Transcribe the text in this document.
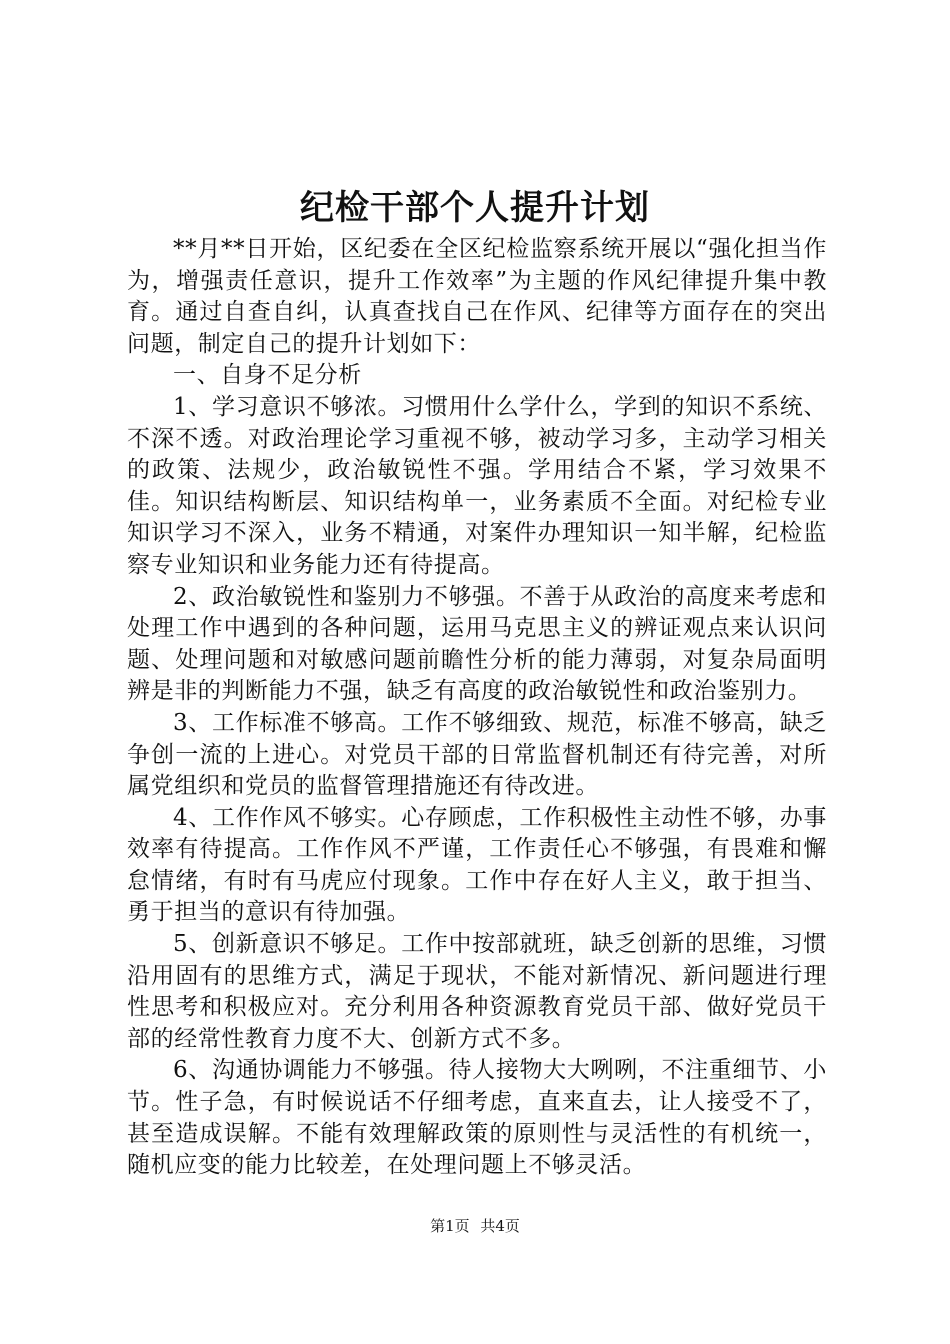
纪检干部个人提升计划

**月**日开始，区纪委在全区纪检监察系统开展以“强化担当作为，增强责任意识，提升工作效率”为主题的作风纪律提升集中教育。通过自查自纠，认真查找自己在作风、纪律等方面存在的突出问题，制定自己的提升计划如下：

一、自身不足分析

1、学习意识不够浓。习惯用什么学什么，学到的知识不系统、不深不透。对政治理论学习重视不够，被动学习多，主动学习相关的政策、法规少，政治敏锐性不强。学用结合不紧，学习效果不佳。知识结构断层、知识结构单一，业务素质不全面。对纪检专业知识学习不深入，业务不精通，对案件办理知识一知半解，纪检监察专业知识和业务能力还有待提高。

2、政治敏锐性和鉴别力不够强。不善于从政治的高度来考虑和处理工作中遇到的各种问题，运用马克思主义的辨证观点来认识问题、处理问题和对敏感问题前瞻性分析的能力薄弱，对复杂局面明辨是非的判断能力不强，缺乏有高度的政治敏锐性和政治鉴别力。

3、工作标准不够高。工作不够细致、规范，标准不够高，缺乏争创一流的上进心。对党员干部的日常监督机制还有待完善，对所属党组织和党员的监督管理措施还有待改进。

4、工作作风不够实。心存顾虑，工作积极性主动性不够，办事效率有待提高。工作作风不严谨，工作责任心不够强，有畏难和懈怠情绪，有时有马虎应付现象。工作中存在好人主义，敢于担当、勇于担当的意识有待加强。

5、创新意识不够足。工作中按部就班，缺乏创新的思维，习惯沿用固有的思维方式，满足于现状，不能对新情况、新问题进行理性思考和积极应对。充分利用各种资源教育党员干部、做好党员干部的经常性教育力度不大、创新方式不多。

6、沟通协调能力不够强。待人接物大大咧咧，不注重细节、小节。性子急，有时候说话不仔细考虑，直来直去，让人接受不了，甚至造成误解。不能有效理解政策的原则性与灵活性的有机统一，随机应变的能力比较差，在处理问题上不够灵活。

第1页 共4页
